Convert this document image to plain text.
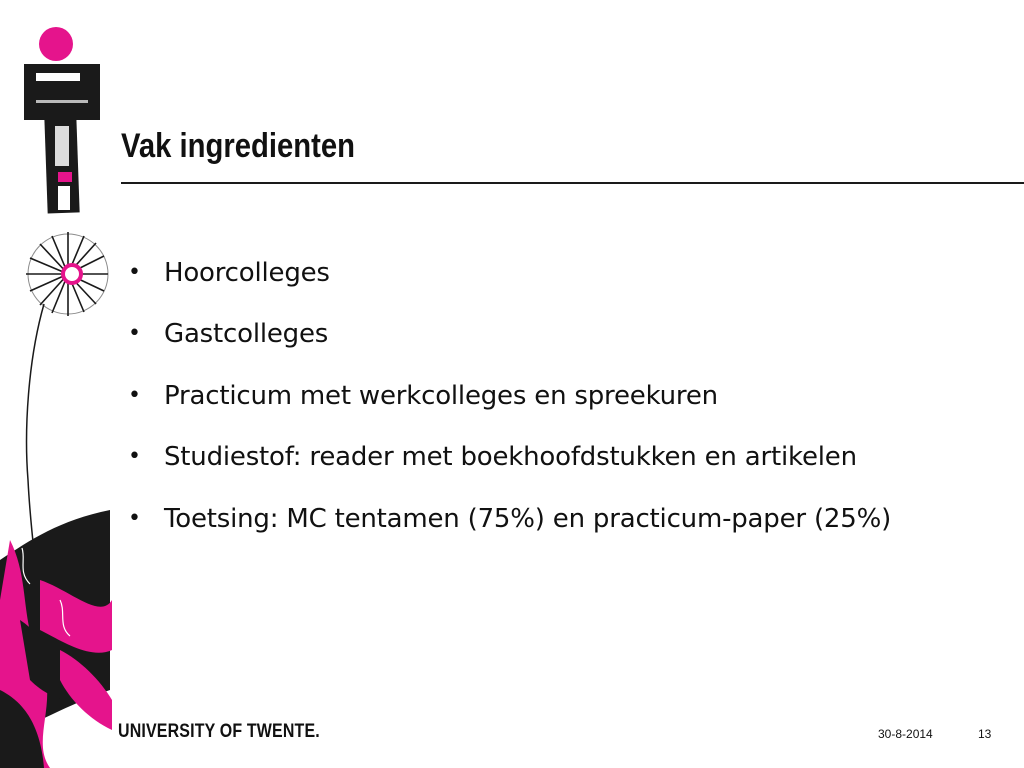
Vak ingredienten
• Hoorcolleges
• Gastcolleges
• Practicum met werkcolleges en spreekuren
• Studiestof: reader met boekhoofdstukken en artikelen
• Toetsing: MC tentamen (75%) en practicum-paper (25%)
UNIVERSITY OF TWENTE.	30-8-2014	13
